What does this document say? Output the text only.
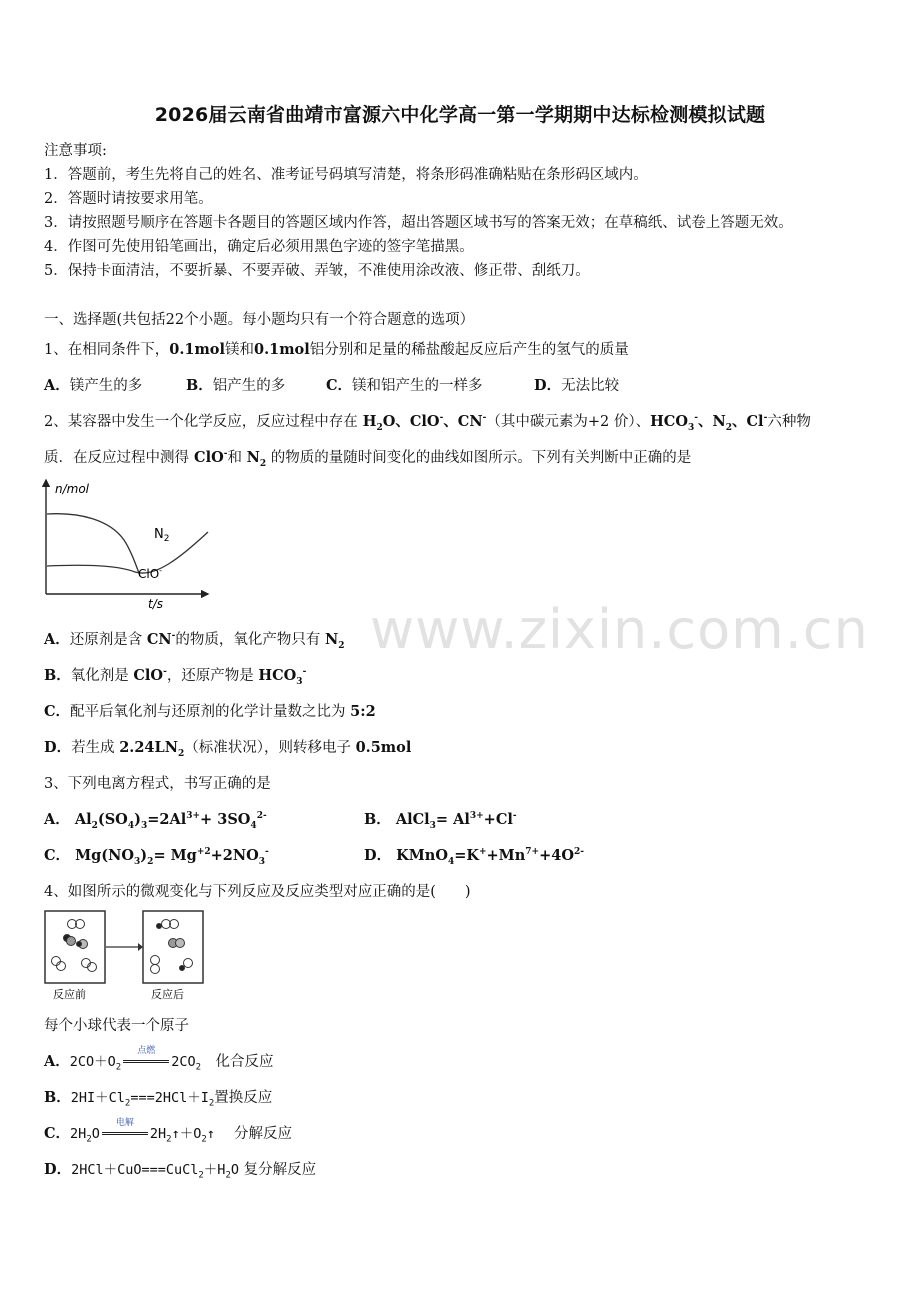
2026届云南省曲靖市富源六中化学高一第一学期期中达标检测模拟试题
注意事项:
1．答题前，考生先将自己的姓名、准考证号码填写清楚，将条形码准确粘贴在条形码区域内。
2．答题时请按要求用笔。
3．请按照题号顺序在答题卡各题目的答题区域内作答，超出答题区域书写的答案无效；在草稿纸、试卷上答题无效。
4．作图可先使用铅笔画出，确定后必须用黑色字迹的签字笔描黑。
5．保持卡面清洁，不要折暴、不要弄破、弄皱，不准使用涂改液、修正带、刮纸刀。
一、选择题(共包括22个小题。每小题均只有一个符合题意的选项）
1、在相同条件下，0.1mol镁和0.1mol铝分别和足量的稀盐酸起反应后产生的氢气的质量
A．镁产生的多	B．铝产生的多	C．镁和铝产生的一样多	D．无法比较
2、某容器中发生一个化学反应，反应过程中存在 $H_2O$、ClO-、CN-（其中碳元素为+2 价）、$HCO_3^-$、$N_2$、Cl-六种物
质．在反应过程中测得 ClO-和 $N_2$ 的物质的量随时间变化的曲线如图所示。下列有关判断中正确的是
n/mol
t/s
$N_2$
ClO-
www.zixin.com.cn
A．还原剂是含 CN-的物质，氧化产物只有 $N_2$
B．氧化剂是 ClO-，还原产物是 $HCO_3^-$
C．配平后氧化剂与还原剂的化学计量数之比为 5:2
D．若生成 $2.24LN_2$（标准状况），则转移电子 0.5mol
3、下列电离方程式，书写正确的是
A． $Al_2(SO_4)_3=2Al^{3+}+ 3SO_4^{2-}$	B． AlCl$_3$= $Al^{3+}+Cl^-$
C． $Mg(NO_3)_2= Mg^{+2}+2NO_3^-$	D． $KMnO_4=K^++Mn^{7+}+4O^{2-}$
4、如图所示的微观变化与下列反应及反应类型对应正确的是(　　)
反应前	反应后
每个小球代表一个原子
A．$2CO+O_2$
点燃
$2CO_2$　 化合反应
B．$2HI+Cl_2===2HCl+I_2$置换反应
C．$2H_2O$
电解
$2H_2↑+O_2↑$　 分解反应
D．$2HCl+CuO===CuCl_2+H_2O$ 复分解反应
